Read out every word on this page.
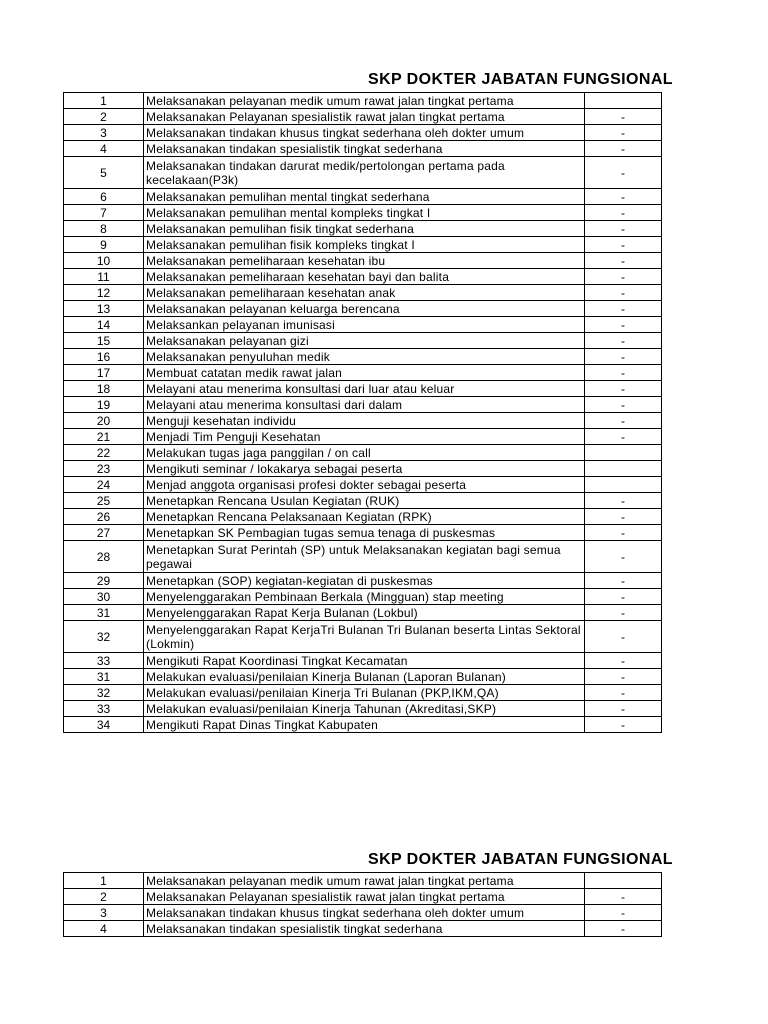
SKP DOKTER JABATAN FUNGSIONAL
1	Melaksanakan pelayanan medik umum rawat jalan tingkat pertama		
2	Melaksanakan Pelayanan spesialistik rawat jalan tingkat pertama	-	
3	Melaksanakan tindakan khusus tingkat sederhana oleh dokter umum	-	
4	Melaksanakan tindakan spesialistik tingkat sederhana	-	
5	Melaksanakan tindakan darurat medik/pertolongan pertama pada kecelakaan(P3k)	-	
6	Melaksanakan pemulihan mental tingkat sederhana	-	
7	Melaksanakan pemulihan mental kompleks tingkat I	-	
8	Melaksanakan pemulihan fisik tingkat sederhana	-	
9	Melaksanakan pemulihan fisik kompleks tingkat I	-	
10	Melaksanakan pemeliharaan kesehatan ibu	-	
11	Melaksanakan pemeliharaan kesehatan bayi dan balita	-	
12	Melaksanakan pemeliharaan kesehatan anak	-	
13	Melaksanakan pelayanan keluarga berencana	-	
14	Melaksankan pelayanan imunisasi	-	
15	Melaksanakan pelayanan gizi	-	
16	Melaksanakan penyuluhan medik	-	
17	Membuat catatan medik rawat jalan	-	
18	Melayani atau menerima konsultasi dari luar atau keluar	-	
19	Melayani atau menerima konsultasi dari dalam	-	
20	Menguji kesehatan individu	-	
21	Menjadi Tim Penguji Kesehatan	-	
22	Melakukan tugas jaga panggilan / on call		
23	Mengikuti seminar / lokakarya sebagai peserta		
24	Menjad anggota organisasi profesi dokter sebagai peserta		
25	Menetapkan Rencana Usulan Kegiatan (RUK)	-	
26	Menetapkan Rencana Pelaksanaan Kegiatan (RPK)	-	
27	Menetapkan SK Pembagian tugas semua tenaga di puskesmas	-	
28	Menetapkan Surat Perintah (SP) untuk Melaksanakan kegiatan bagi semua pegawai	-	
29	Menetapkan (SOP) kegiatan-kegiatan di puskesmas	-	
30	Menyelenggarakan Pembinaan Berkala (Mingguan) stap meeting	-	
31	Menyelenggarakan Rapat Kerja Bulanan (Lokbul)	-	
32	Menyelenggarakan Rapat KerjaTri Bulanan Tri Bulanan beserta Lintas Sektoral (Lokmin)	-	
33	Mengikuti Rapat Koordinasi Tingkat Kecamatan	-	
31	Melakukan evaluasi/penilaian Kinerja Bulanan (Laporan Bulanan)	-	
32	Melakukan evaluasi/penilaian Kinerja Tri Bulanan (PKP,IKM,QA)	-	
33	Melakukan evaluasi/penilaian Kinerja Tahunan (Akreditasi,SKP)	-	
34	Mengikuti Rapat Dinas Tingkat Kabupaten	-	
SKP DOKTER JABATAN FUNGSIONAL
1	Melaksanakan pelayanan medik umum rawat jalan tingkat pertama		
2	Melaksanakan Pelayanan spesialistik rawat jalan tingkat pertama	-	
3	Melaksanakan tindakan khusus tingkat sederhana oleh dokter umum	-	
4	Melaksanakan tindakan spesialistik tingkat sederhana	-	
